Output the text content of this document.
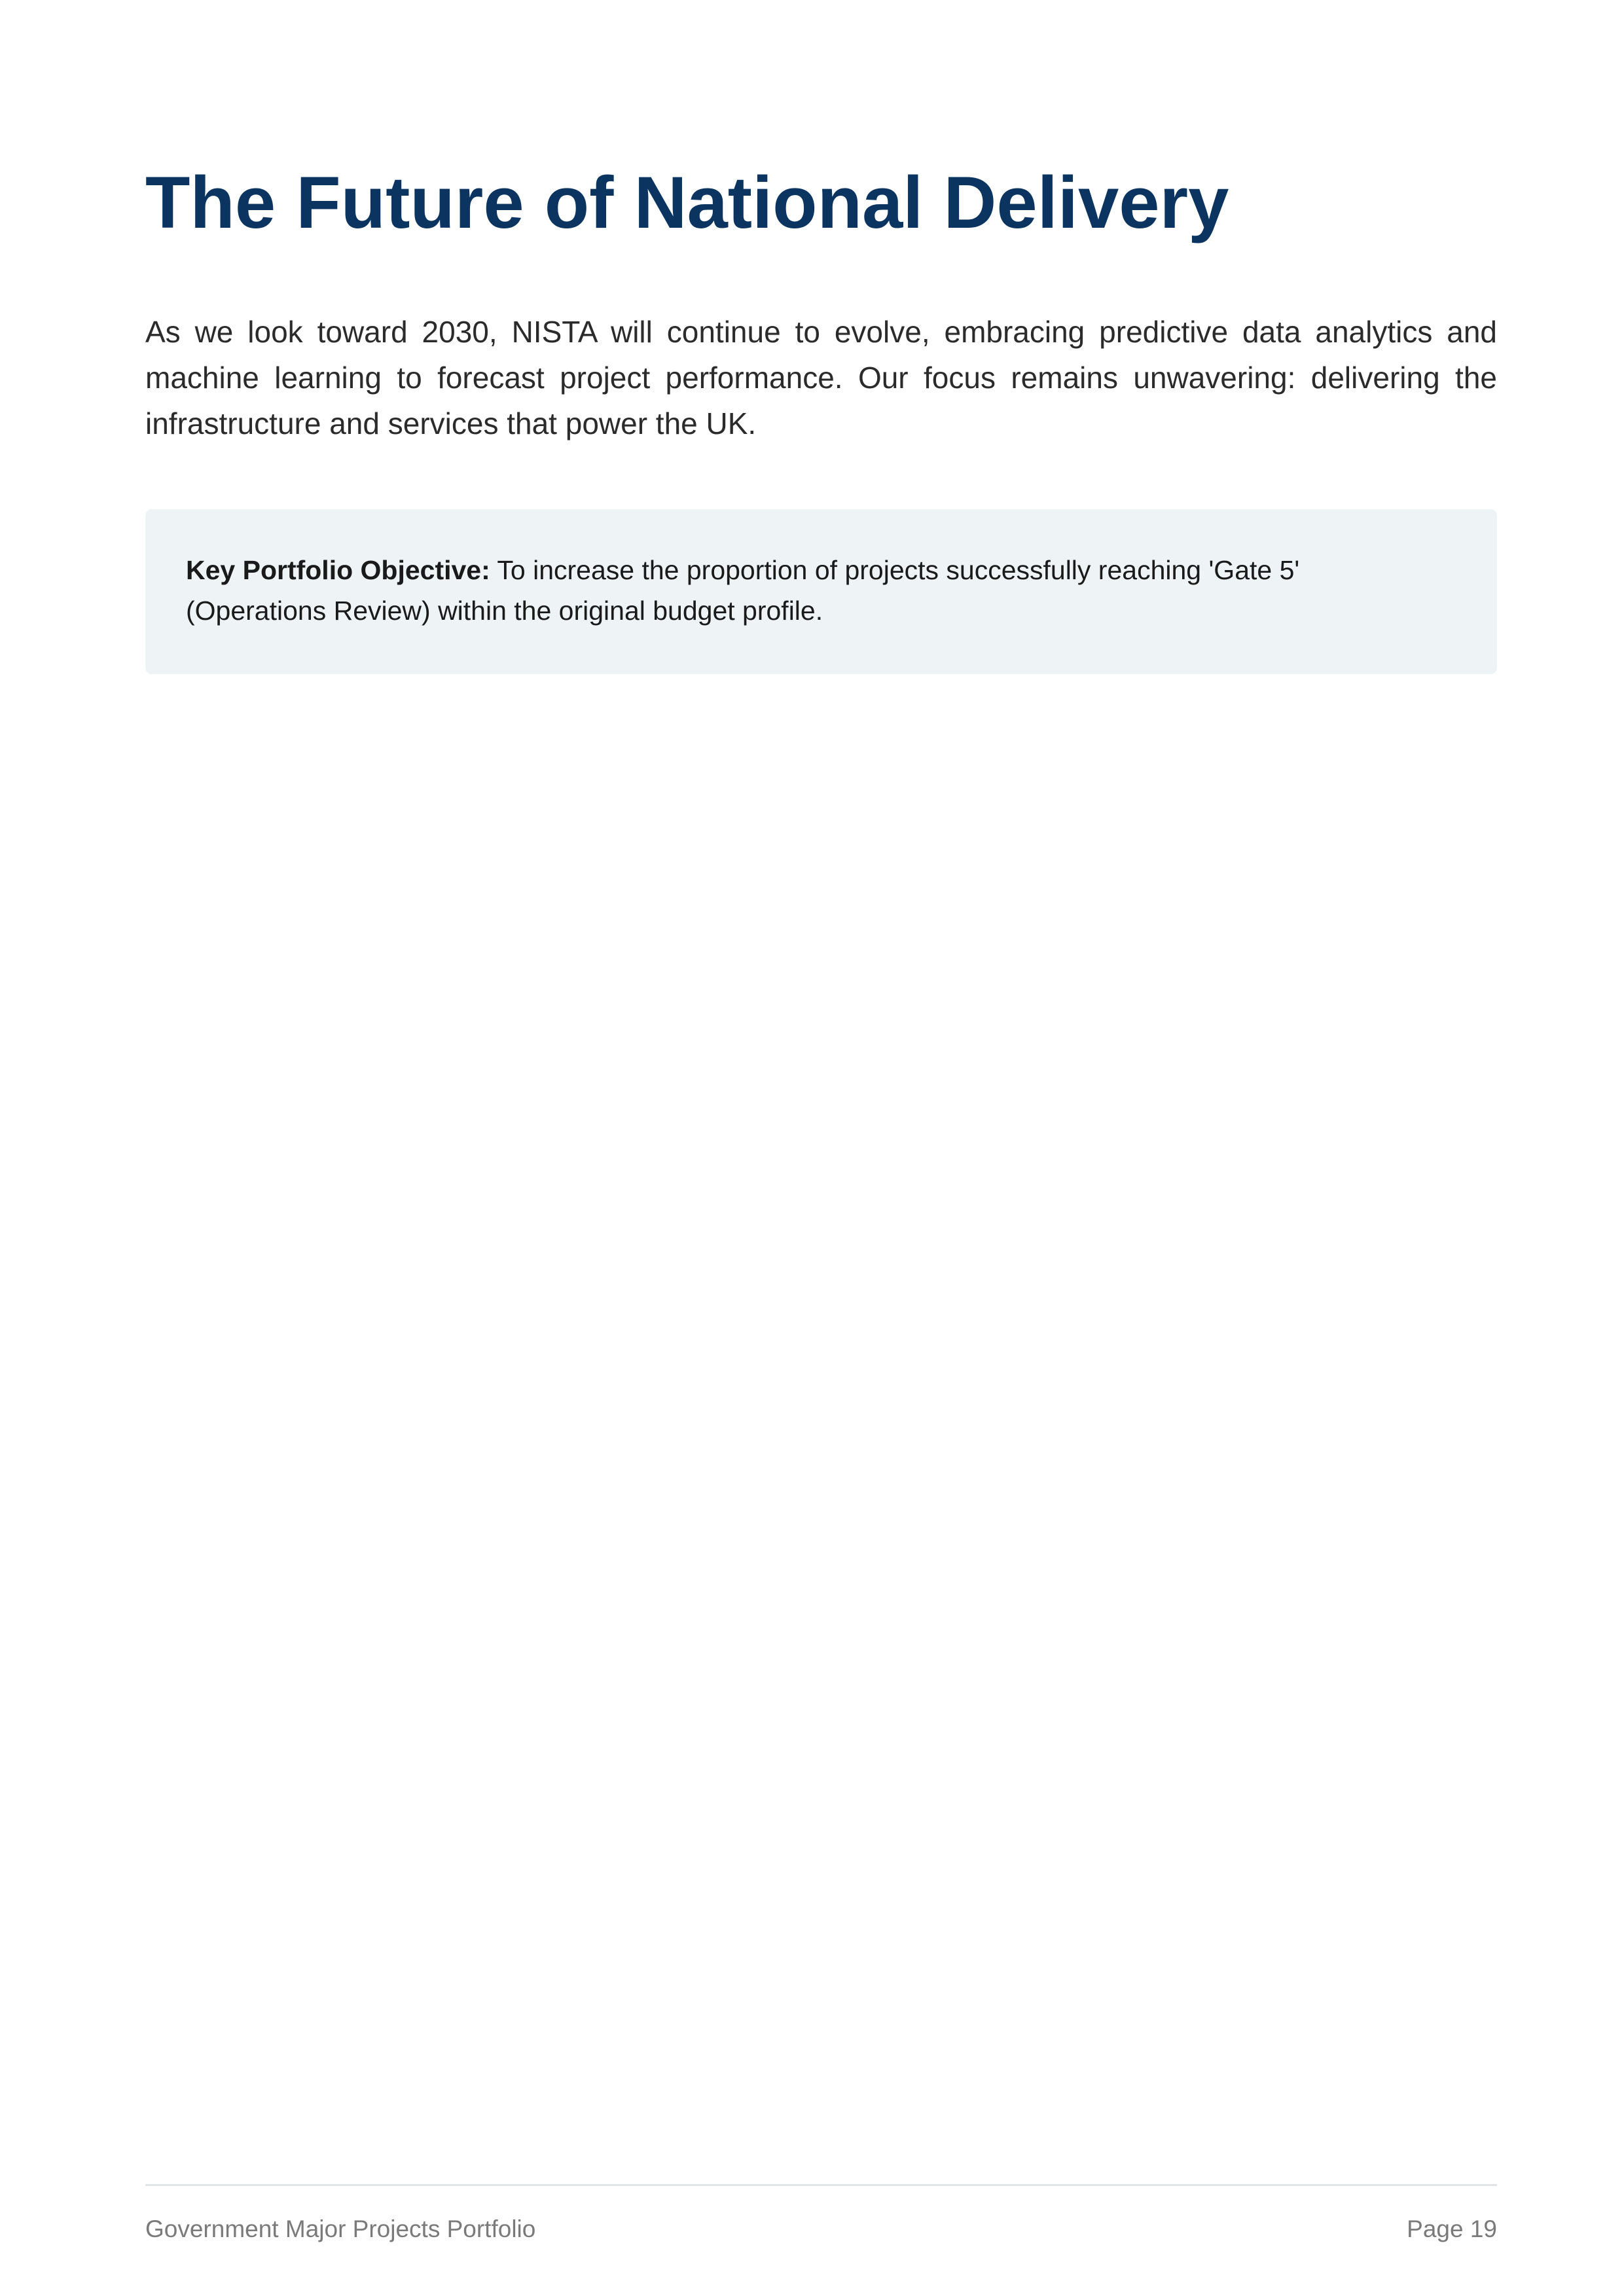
The Future of National Delivery

As we look toward 2030, NISTA will continue to evolve, embracing predictive data analytics and machine learning to forecast project performance. Our focus remains unwavering: delivering the infrastructure and services that power the UK.

Key Portfolio Objective: To increase the proportion of projects successfully reaching 'Gate 5' (Operations Review) within the original budget profile.

Government Major Projects Portfolio	Page 19
